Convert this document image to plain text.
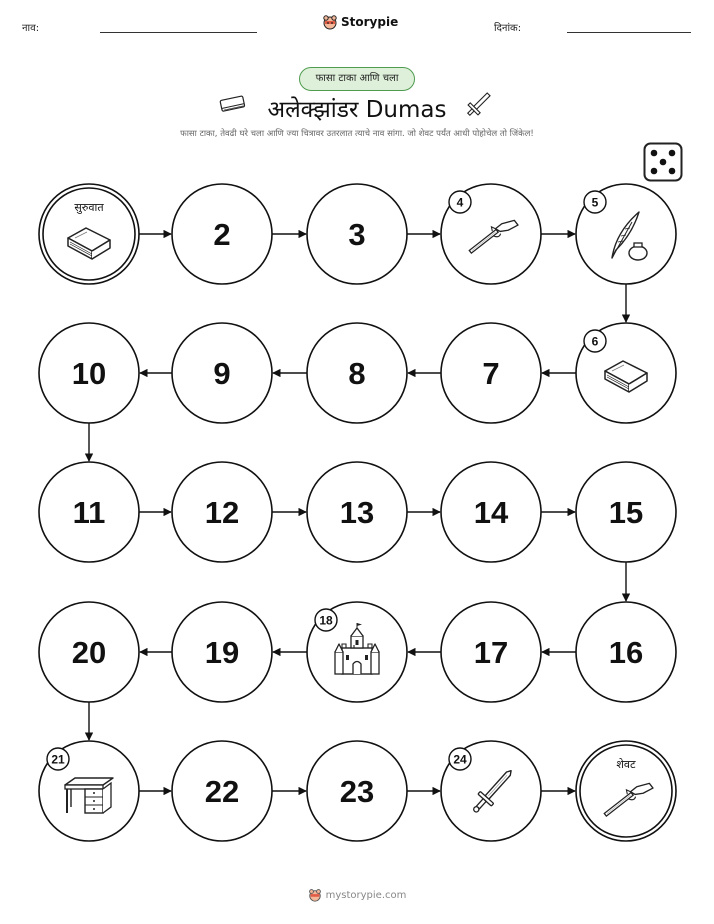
नाव:	Storypie	दिनांक:
फासा टाका आणि चला
अलेक्झांडर Dumas
फासा टाका, तेवढी घरे चला आणि ज्या चित्रावर उतरलात त्याचे नाव सांगा. जो शेवट पर्यंत आधी पोहोचेल तो जिंकेल!
सुरुवात
2	3
4	5
6
7
8
9
10
11	12	13	14	15
16
17
18
19
20
21
22	23
24	शेवट
mystorypie.com
